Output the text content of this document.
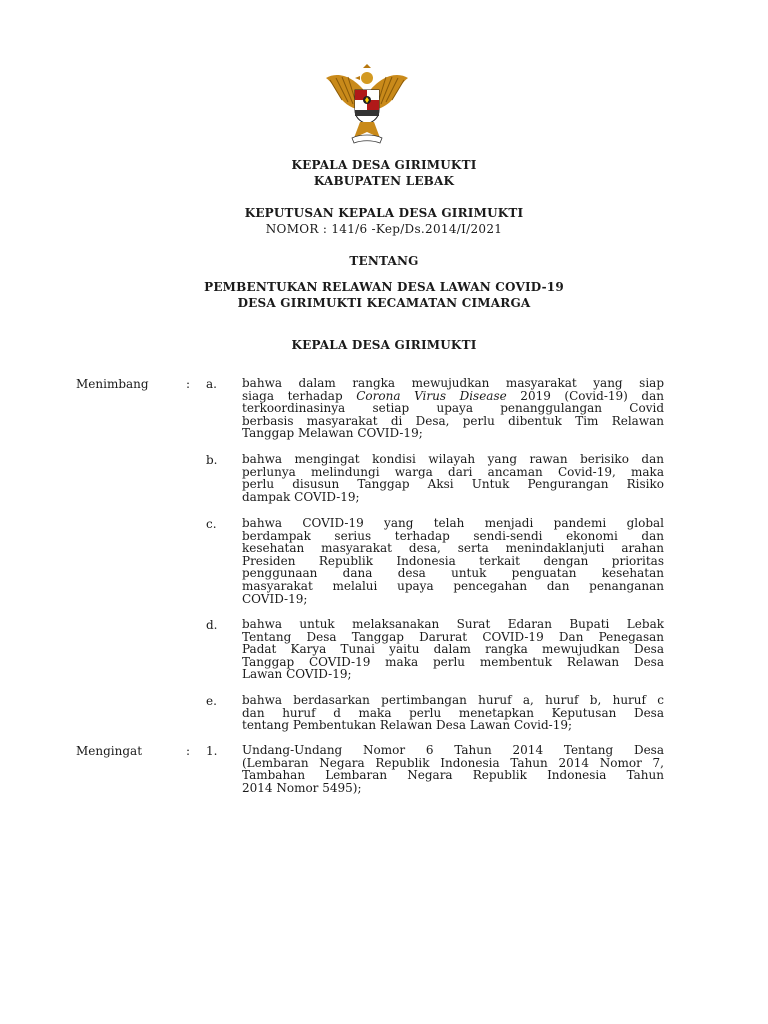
KEPALA DESA GIRIMUKTI
KABUPATEN LEBAK
KEPUTUSAN KEPALA DESA GIRIMUKTI
NOMOR : 141/6 -Kep/Ds.2014/I/2021
TENTANG
PEMBENTUKAN RELAWAN DESA LAWAN COVID-19
DESA GIRIMUKTI KECAMATAN CIMARGA
KEPALA DESA GIRIMUKTI
Menimbang	: a. bahwa dalam rangka mewujudkan masyarakat yang siap
siaga terhadap Corona Virus Disease 2019 (Covid-19) dan
terkoordinasinya setiap upaya penanggulangan Covid
berbasis masyarakat di Desa, perlu dibentuk Tim Relawan
Tanggap Melawan COVID-19;
b. bahwa mengingat kondisi wilayah yang rawan berisiko dan
perlunya melindungi warga dari ancaman Covid-19, maka
perlu disusun Tanggap Aksi Untuk Pengurangan Risiko
dampak COVID-19;
c. bahwa COVID-19 yang telah menjadi pandemi global
berdampak serius terhadap sendi-sendi ekonomi dan
kesehatan masyarakat desa, serta menindaklanjuti arahan
Presiden Republik Indonesia terkait dengan prioritas
penggunaan dana desa untuk penguatan kesehatan
masyarakat melalui upaya pencegahan dan penanganan
COVID-19;
d. bahwa untuk melaksanakan Surat Edaran Bupati Lebak
Tentang Desa Tanggap Darurat COVID-19 Dan Penegasan
Padat Karya Tunai yaitu dalam rangka mewujudkan Desa
Tanggap COVID-19 maka perlu membentuk Relawan Desa
Lawan COVID-19;
e. bahwa berdasarkan pertimbangan huruf a, huruf b, huruf c
dan huruf d maka perlu menetapkan Keputusan Desa
tentang Pembentukan Relawan Desa Lawan Covid-19;
Mengingat	: 1. Undang-Undang Nomor 6 Tahun 2014 Tentang Desa
(Lembaran Negara Republik Indonesia Tahun 2014 Nomor 7,
Tambahan Lembaran Negara Republik Indonesia Tahun
2014 Nomor 5495);
